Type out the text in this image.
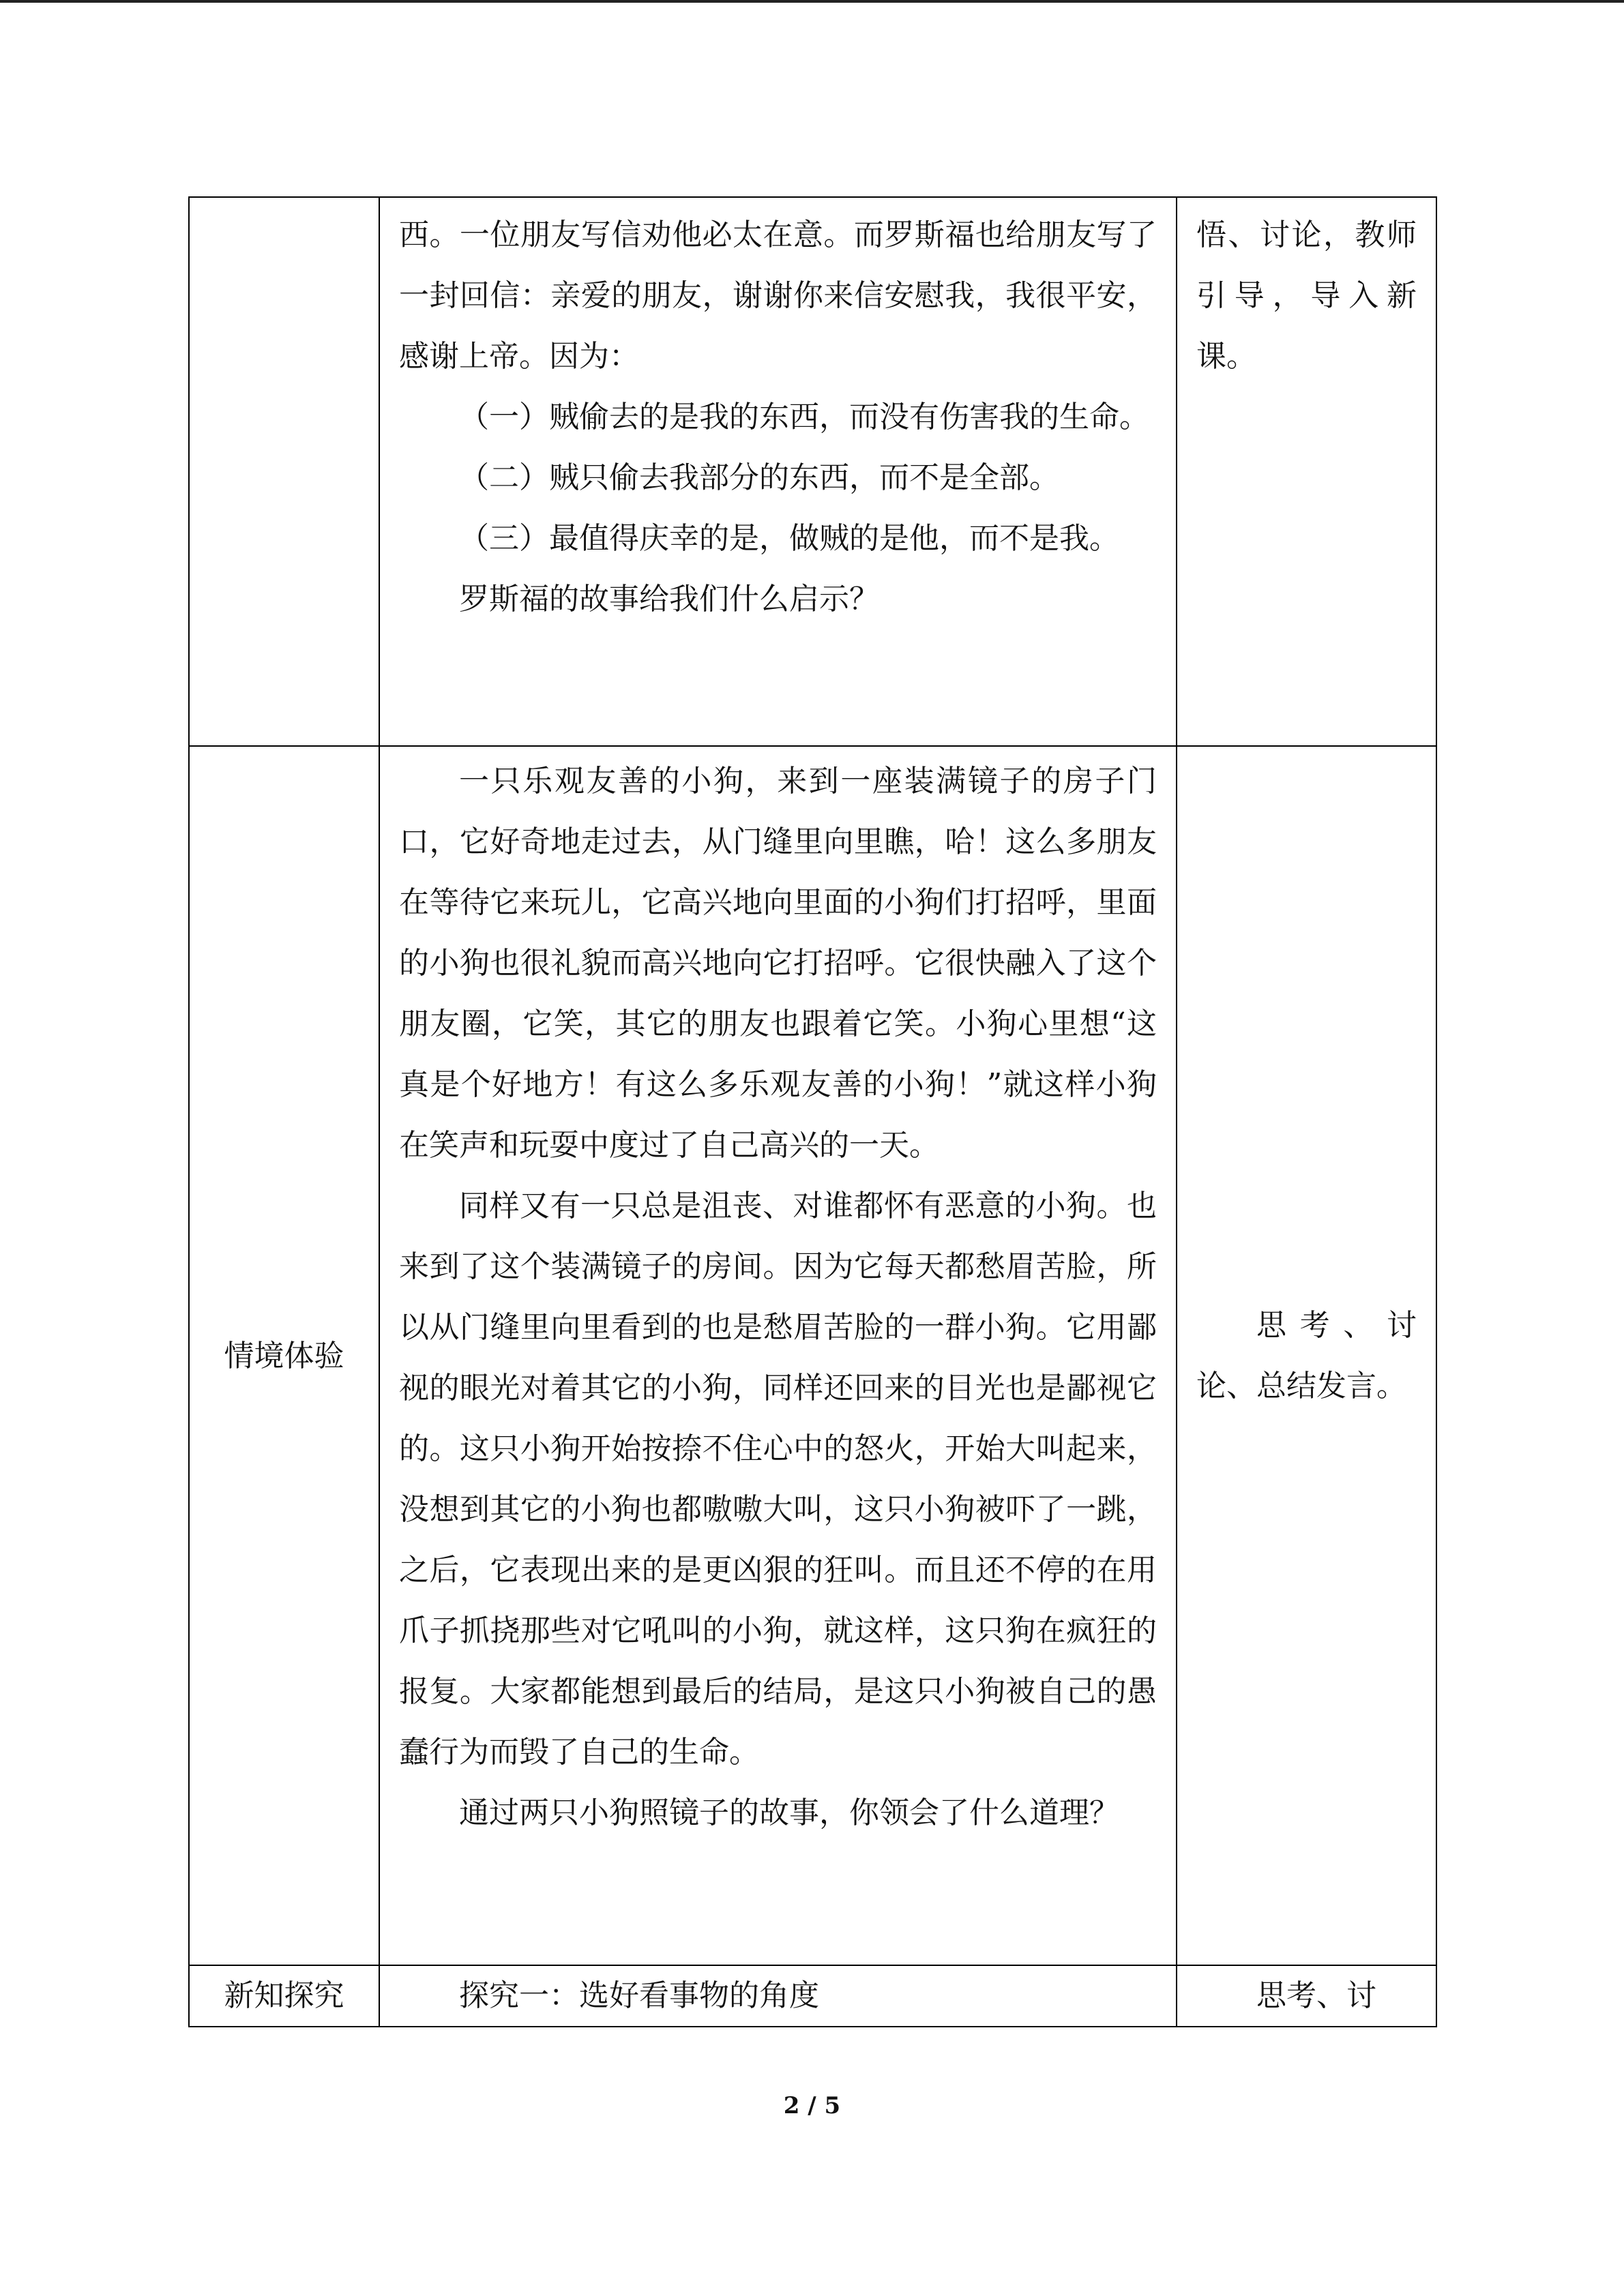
	西。一位朋友写信劝他必太在意。而罗斯福也给朋友写了一封回信：亲爱的朋友，谢谢你来信安慰我，我很平安，感谢上帝。因为：

（一）贼偷去的是我的东西，而没有伤害我的生命。

（二）贼只偷去我部分的东西，而不是全部。

（三）最值得庆幸的是，做贼的是他，而不是我。

罗斯福的故事给我们什么启示？	悟、讨论，教师引导，导入新课。

情境体验	一只乐观友善的小狗，来到一座装满镜子的房子门口，它好奇地走过去，从门缝里向里瞧，哈！这么多朋友在等待它来玩儿，它高兴地向里面的小狗们打招呼，里面的小狗也很礼貌而高兴地向它打招呼。它很快融入了这个朋友圈，它笑，其它的朋友也跟着它笑。小狗心里想“这真是个好地方！有这么多乐观友善的小狗！”就这样小狗在笑声和玩耍中度过了自己高兴的一天。

同样又有一只总是沮丧、对谁都怀有恶意的小狗。也来到了这个装满镜子的房间。因为它每天都愁眉苦脸，所以从门缝里向里看到的也是愁眉苦脸的一群小狗。它用鄙视的眼光对着其它的小狗，同样还回来的目光也是鄙视它的。这只小狗开始按捺不住心中的怒火，开始大叫起来，没想到其它的小狗也都嗷嗷大叫，这只小狗被吓了一跳，之后，它表现出来的是更凶狠的狂叫。而且还不停的在用爪子抓挠那些对它吼叫的小狗，就这样，这只狗在疯狂的报复。大家都能想到最后的结局，是这只小狗被自己的愚蠢行为而毁了自己的生命。

通过两只小狗照镜子的故事，你领会了什么道理？	思考、讨论、总结发言。

新知探究	探究一：选好看事物的角度	思考、讨

2 / 5
